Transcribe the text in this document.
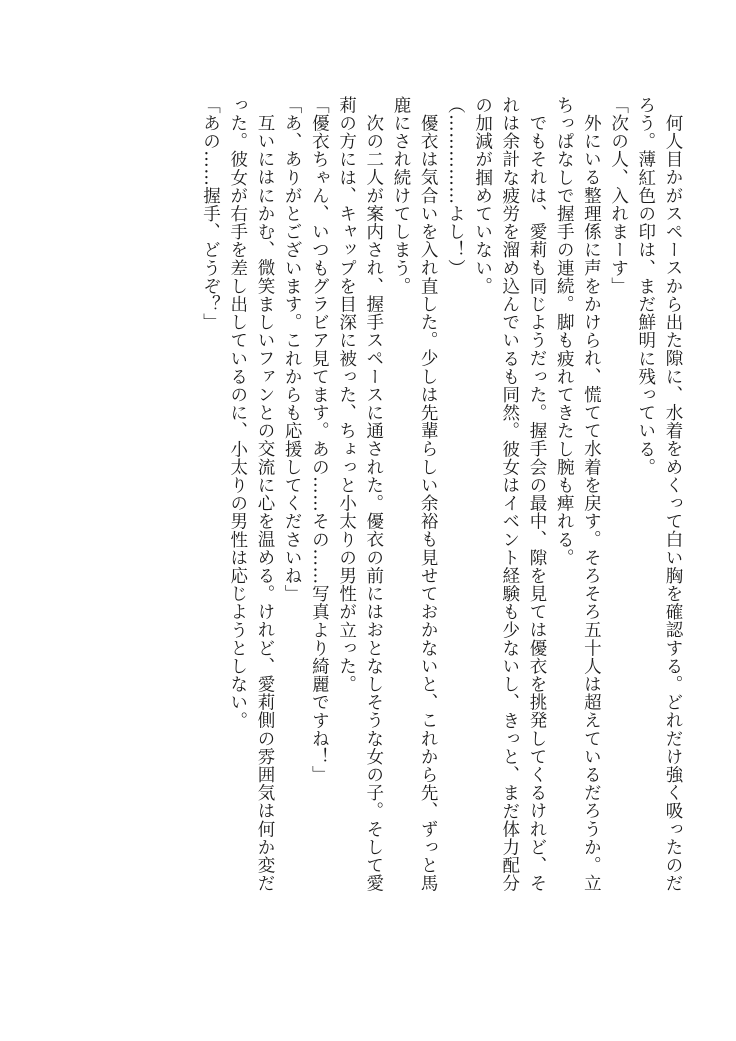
何人目かがスペースから出た隙に、水着をめくって白い胸を確認する。どれだけ強く吸ったのだ

ろう。薄紅色の印は、まだ鮮明に残っている。

「次の人、入れまーす」

外にいる整理係に声をかけられ、慌てて水着を戻す。そろそろ五十人は超えているだろうか。立

ちっぱなしで握手の連続。脚も疲れてきたし腕も痺れる。

でもそれは、愛莉も同じようだった。握手会の最中、隙を見ては優衣を挑発してくるけれど、そ

れは余計な疲労を溜め込んでいるも同然。彼女はイベント経験も少ないし、きっと、まだ体力配分

の加減が掴めていない。

（……………よし！）

優衣は気合いを入れ直した。少しは先輩らしい余裕も見せておかないと、これから先、ずっと馬

鹿にされ続けてしまう。

次の二人が案内され、握手スペースに通された。優衣の前にはおとなしそうな女の子。そして愛

莉の方には、キャップを目深に被った、ちょっと小太りの男性が立った。

「優衣ちゃん、いつもグラビア見てます。あの……その……写真より綺麗ですね！」

「あ、ありがとございます。これからも応援してくださいね」

互いにはにかむ、微笑ましいファンとの交流に心を温める。けれど、愛莉側の雰囲気は何か変だ

った。彼女が右手を差し出しているのに、小太りの男性は応じようとしない。

「あの……握手、どうぞ？」
